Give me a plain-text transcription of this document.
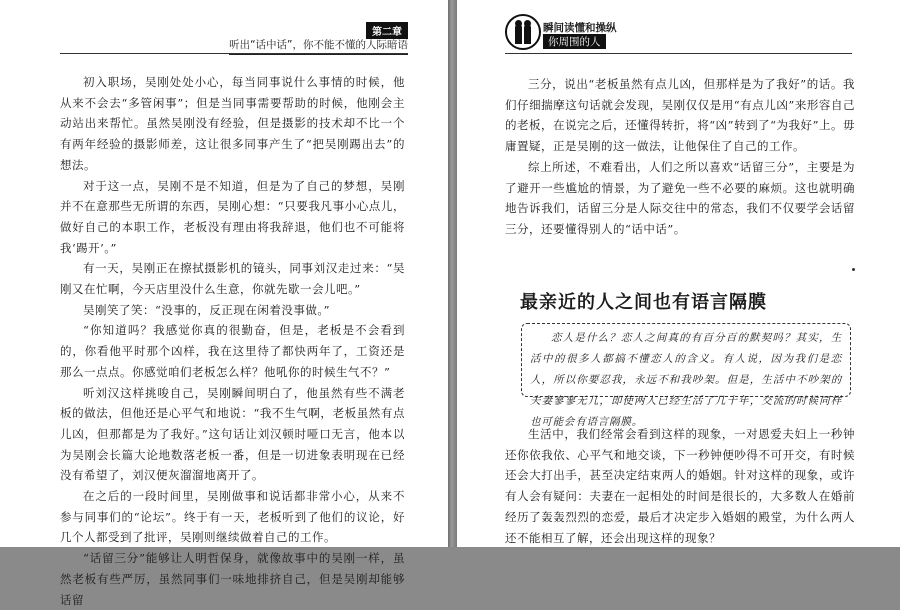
第二章
听出“话中话”，你不能不懂的人际暗语

初入职场，吴刚处处小心，每当同事说什么事情的时候，他从来不会去“多管闲事”；但是当同事需要帮助的时候，他刚会主动站出来帮忙。虽然吴刚没有经验，但是摄影的技术却不比一个有两年经验的摄影师差，这让很多同事产生了“把吴刚踢出去”的想法。

对于这一点，吴刚不是不知道，但是为了自己的梦想，吴刚并不在意那些无所谓的东西，吴刚心想：“只要我凡事小心点儿，做好自己的本职工作，老板没有理由将我辞退，他们也不可能将我‘踢开’。”

有一天，吴刚正在擦拭摄影机的镜头，同事刘汉走过来：“吴刚又在忙啊，今天店里没什么生意，你就先歇一会儿吧。”

吴刚笑了笑：“没事的，反正现在闲着没事做。”

“你知道吗？我感觉你真的很勤奋，但是，老板是不会看到的，你看他平时那个凶样，我在这里待了都快两年了，工资还是那么一点点。你感觉咱们老板怎么样？他吼你的时候生气不？”

听刘汉这样挑唆自己，吴刚瞬间明白了，他虽然有些不满老板的做法，但他还是心平气和地说：“我不生气啊，老板虽然有点儿凶，但那都是为了我好。”这句话让刘汉顿时哑口无言，他本以为吴刚会长篇大论地数落老板一番，但是一切进象表明现在已经没有希望了，刘汉便灰溜溜地离开了。

在之后的一段时间里，吴刚做事和说话都非常小心，从来不参与同事们的“论坛”。终于有一天，老板听到了他们的议论，好几个人都受到了批评，吴刚则继续做着自己的工作。

“话留三分”能够让人明哲保身，就像故事中的吴刚一样，虽然老板有些严厉，虽然同事们一味地排挤自己，但是吴刚却能够话留

瞬间读懂和操纵
你周围的人

三分，说出“老板虽然有点儿凶，但那样是为了我好”的话。我们仔细揣摩这句话就会发现，吴刚仅仅是用“有点儿凶”来形容自己的老板，在说完之后，还懂得转折，将“凶”转到了“为我好”上。毋庸置疑，正是吴刚的这一做法，让他保住了自己的工作。

综上所述，不难看出，人们之所以喜欢“话留三分”，主要是为了避开一些尴尬的情景，为了避免一些不必要的麻烦。这也就明确地告诉我们，话留三分是人际交往中的常态，我们不仅要学会话留三分，还要懂得别人的“话中话”。

最亲近的人之间也有语言隔膜
恋人是什么？恋人之间真的有百分百的默契吗？其实，生活中的很多人都搞不懂恋人的含义。有人说，因为我们是恋人，所以你要忍我，永远不和我吵架。但是，生活中不吵架的夫妻寥寥无几，即使两人已经生活了几十年，交流的时候同样也可能会有语言隔膜。

生活中，我们经常会看到这样的现象，一对恩爱夫妇上一秒钟还你依我依、心平气和地交谈，下一秒钟便吵得不可开交，有时候还会大打出手，甚至决定结束两人的婚姻。针对这样的现象，或许有人会有疑问：夫妻在一起相处的时间是很长的，大多数人在婚前经历了轰轰烈烈的恋爱，最后才决定步入婚姻的殿堂，为什么两人还不能相互了解，还会出现这样的现象？
